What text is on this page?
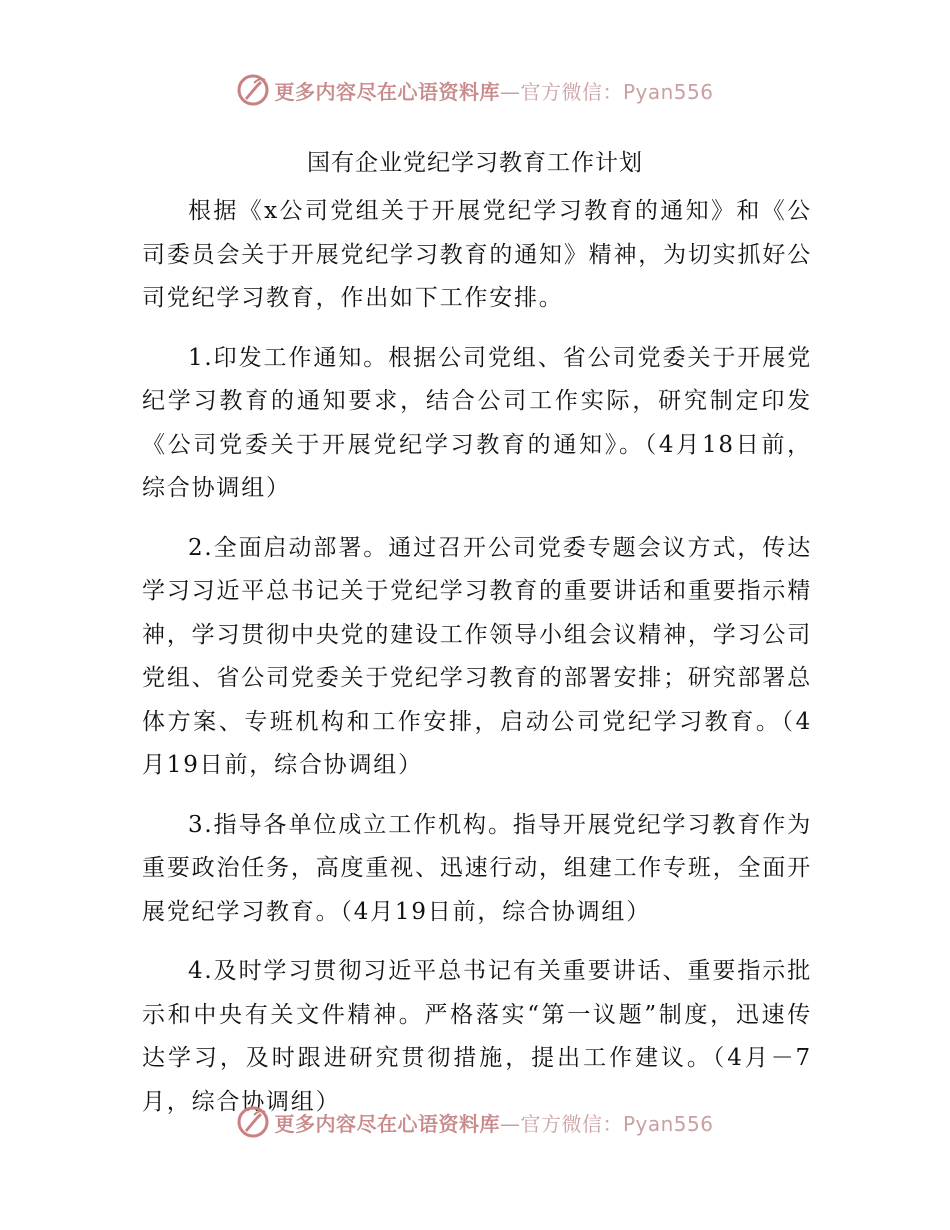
更多内容尽在心语资料库 —官方微信：Pyan556
国有企业党纪学习教育工作计划

根据《x公司党组关于开展党纪学习教育的通知》和《公司委员会关于开展党纪学习教育的通知》精神，为切实抓好公司党纪学习教育，作出如下工作安排。

1.印发工作通知。根据公司党组、省公司党委关于开展党纪学习教育的通知要求，结合公司工作实际，研究制定印发《公司党委关于开展党纪学习教育的通知》。（4月18日前，综合协调组）

2.全面启动部署。通过召开公司党委专题会议方式，传达学习习近平总书记关于党纪学习教育的重要讲话和重要指示精神，学习贯彻中央党的建设工作领导小组会议精神，学习公司党组、省公司党委关于党纪学习教育的部署安排；研究部署总体方案、专班机构和工作安排，启动公司党纪学习教育。（4月19日前，综合协调组）

3.指导各单位成立工作机构。指导开展党纪学习教育作为重要政治任务，高度重视、迅速行动，组建工作专班，全面开展党纪学习教育。（4月19日前，综合协调组）

4.及时学习贯彻习近平总书记有关重要讲话、重要指示批示和中央有关文件精神。严格落实“第一议题”制度，迅速传达学习，及时跟进研究贯彻措施，提出工作建议。（4月－7月，综合协调组）

更多内容尽在心语资料库 —官方微信：Pyan556
